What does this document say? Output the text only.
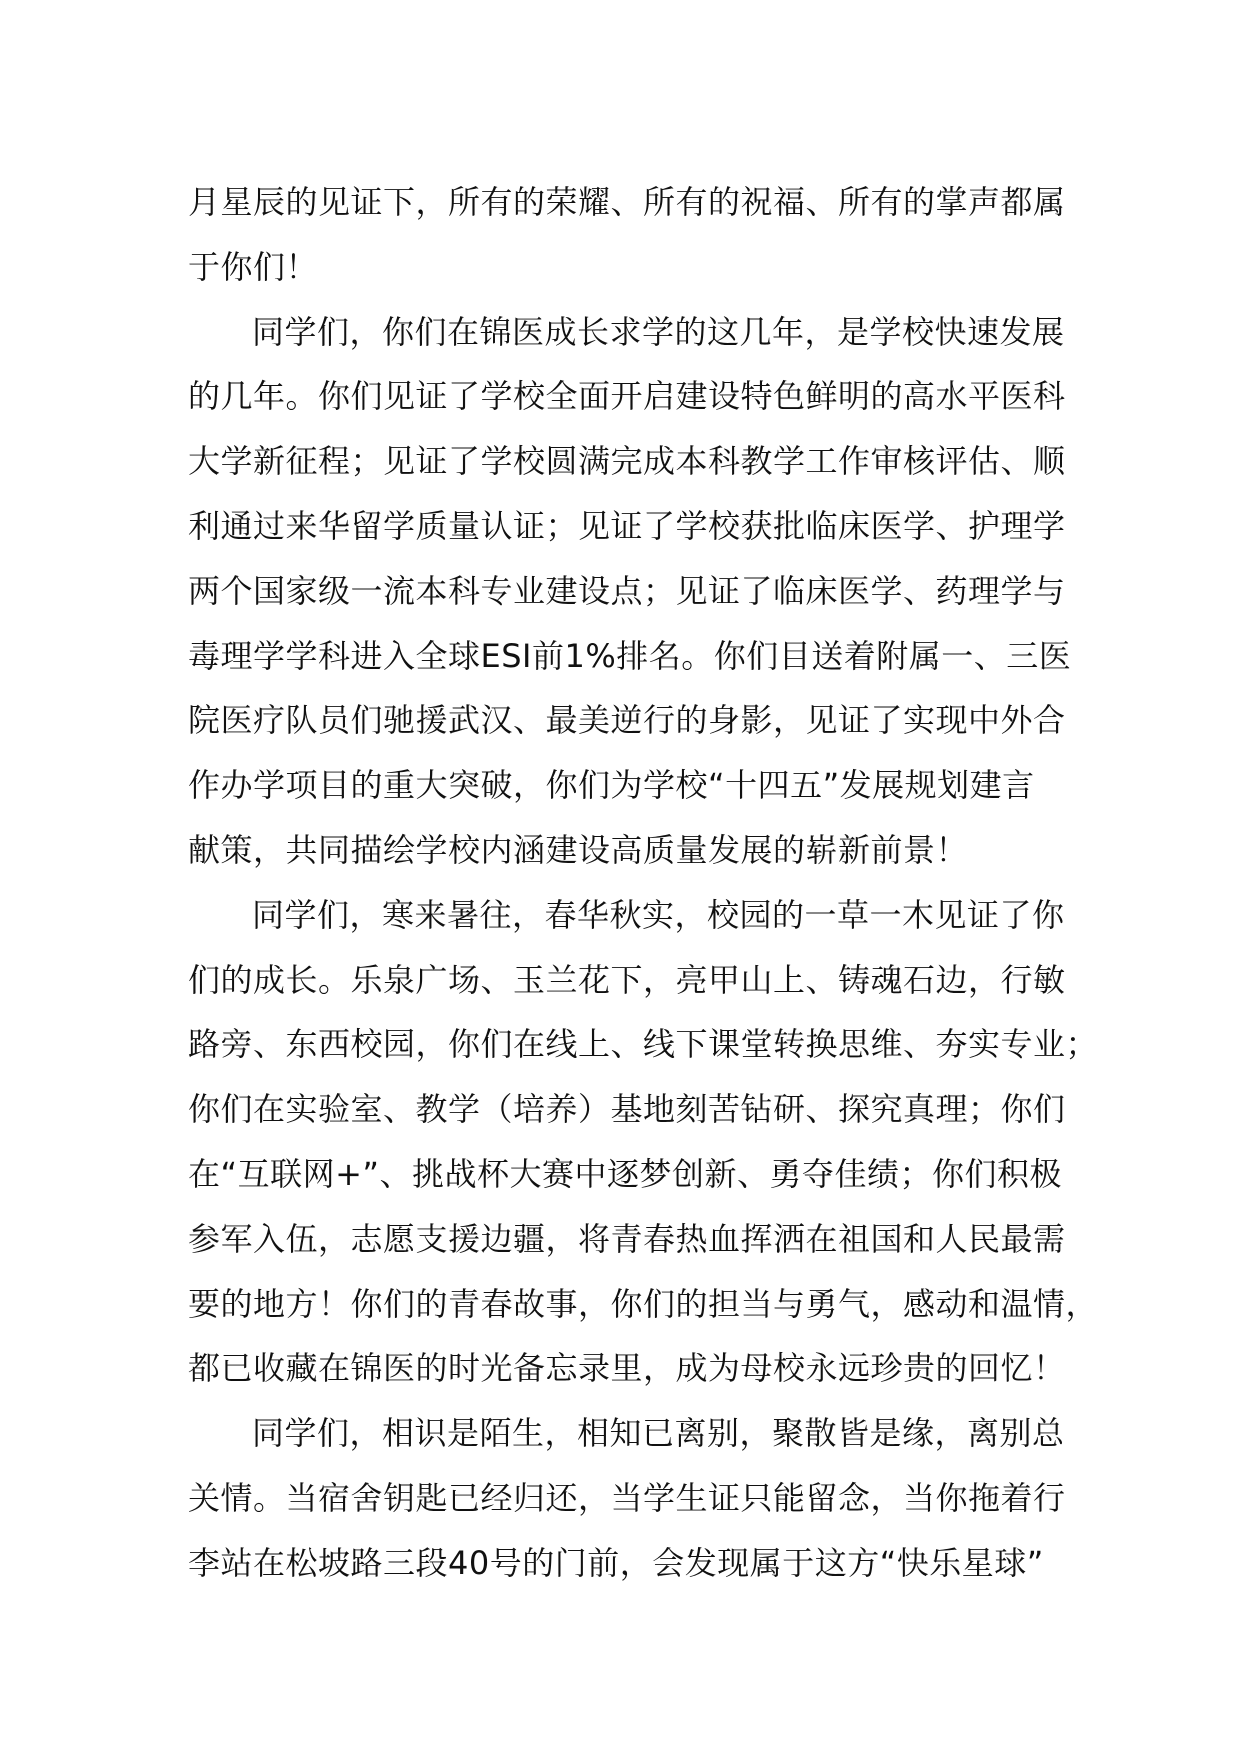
月星辰的见证下，所有的荣耀、所有的祝福、所有的掌声都属
于你们！
同学们，你们在锦医成长求学的这几年，是学校快速发展
的几年。你们见证了学校全面开启建设特色鲜明的高水平医科
大学新征程；见证了学校圆满完成本科教学工作审核评估、顺
利通过来华留学质量认证；见证了学校获批临床医学、护理学
两个国家级一流本科专业建设点；见证了临床医学、药理学与
毒理学学科进入全球ESI前1%排名。你们目送着附属一、三医
院医疗队员们驰援武汉、最美逆行的身影，见证了实现中外合
作办学项目的重大突破，你们为学校“十四五”发展规划建言
献策，共同描绘学校内涵建设高质量发展的崭新前景！
同学们，寒来暑往，春华秋实，校园的一草一木见证了你
们的成长。乐泉广场、玉兰花下，亮甲山上、铸魂石边，行敏
路旁、东西校园，你们在线上、线下课堂转换思维、夯实专业；
你们在实验室、教学（培养）基地刻苦钻研、探究真理；你们
在“互联网+”、挑战杯大赛中逐梦创新、勇夺佳绩；你们积极
参军入伍，志愿支援边疆，将青春热血挥洒在祖国和人民最需
要的地方！你们的青春故事，你们的担当与勇气，感动和温情，
都已收藏在锦医的时光备忘录里，成为母校永远珍贵的回忆！
同学们，相识是陌生，相知已离别，聚散皆是缘，离别总
关情。当宿舍钥匙已经归还，当学生证只能留念，当你拖着行
李站在松坡路三段40号的门前，会发现属于这方“快乐星球”
